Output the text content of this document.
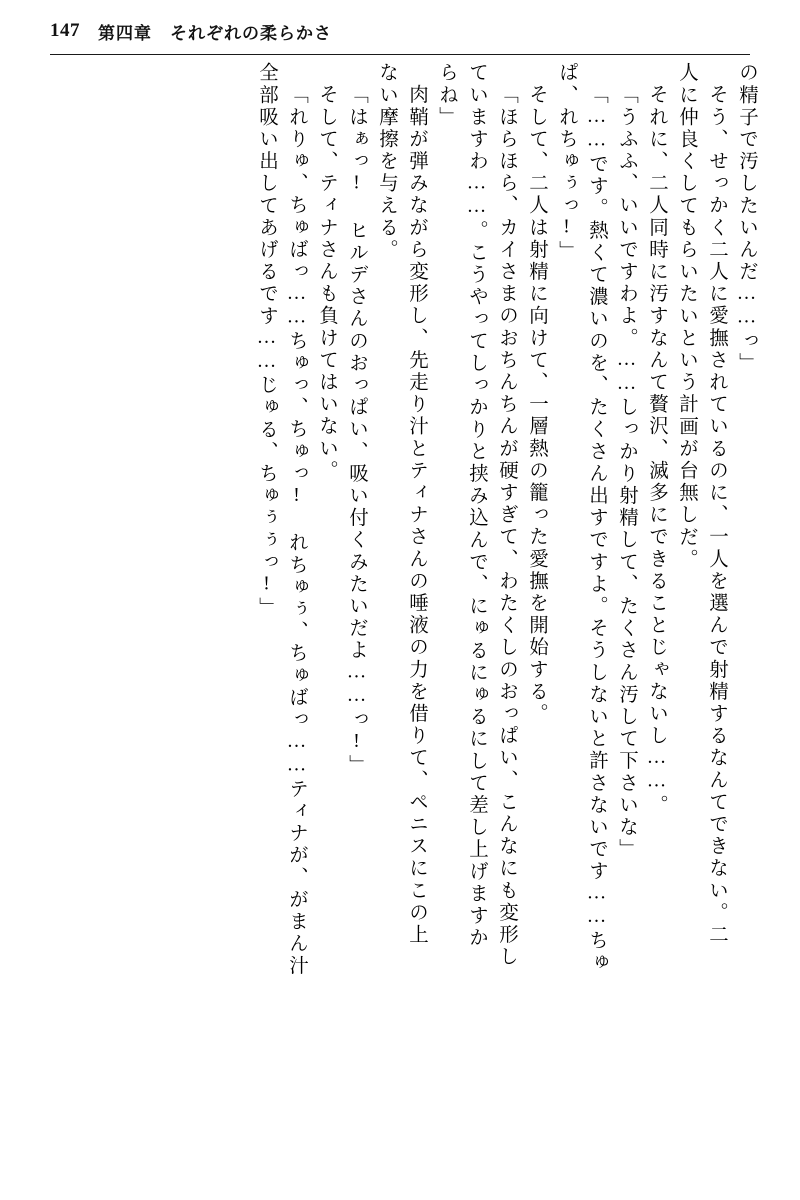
147 第四章 それぞれの柔らかさ
の精子で汚したいんだ……っ」
そう、せっかく二人に愛撫されているのに、一人を選んで射精するなんてできない。二
人に仲良くしてもらいたいという計画が台無しだ。
それに、二人同時に汚すなんて贅沢、滅多にできることじゃないし……。
「うふふ、いいですわよ。……しっかり射精して、たくさん汚して下さいな」
「……です。熱くて濃いのを、たくさん出すですよ。そうしないと許さないです……ちゅ
ぱ、れちゅぅっ!」
そして、二人は射精に向けて、一層熱の籠った愛撫を開始する。
「ほらほら、カイさまのおちんちんが硬すぎて、わたくしのおっぱい、こんなにも変形し
ていますわ……。こうやってしっかりと挟み込んで、にゅるにゅるにして差し上げますか
らね」
肉鞘が弾みながら変形し、先走り汁とティナさんの唾液の力を借りて、ペニスにこの上
ない摩擦を与える。
「はぁっ! ヒルデさんのおっぱい、吸い付くみたいだよ……っ!」
そして、ティナさんも負けてはいない。
「れりゅ、ちゅばっ……ちゅっ、ちゅっ! れちゅぅ、ちゅばっ……ティナが、がまん汁
全部吸い出してあげるです……じゅる、ちゅぅぅっ!」
